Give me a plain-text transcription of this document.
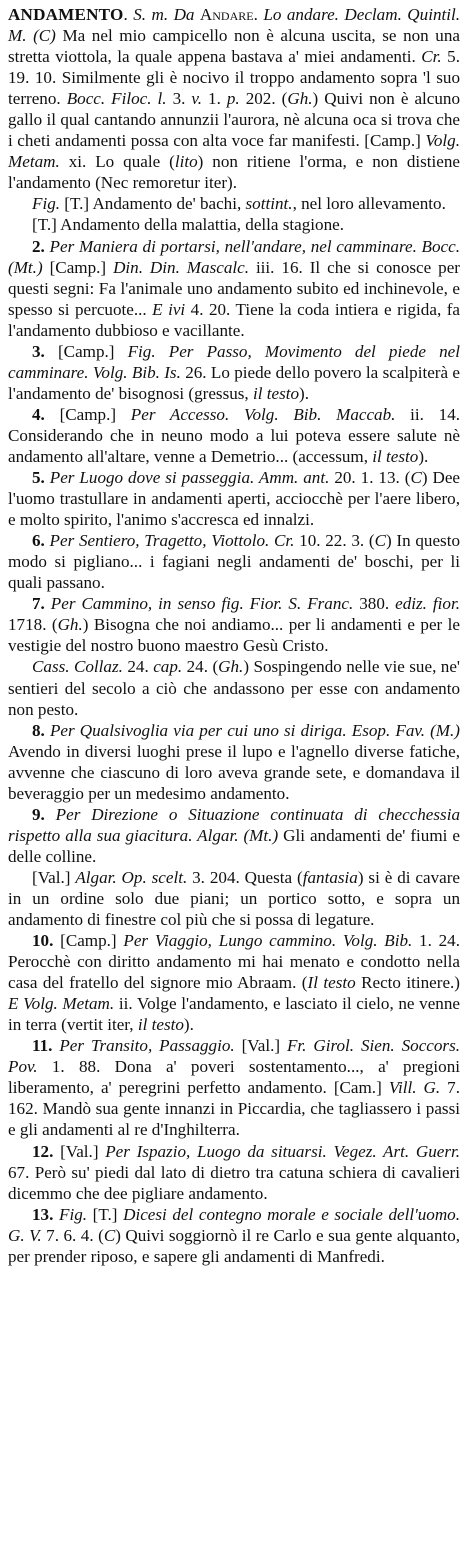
ANDAMENTO. S. m. Da Andare. Lo andare. Declam. Quintil. M. (C) Ma nel mio campicello non è alcuna uscita, se non una stretta viottola, la quale appena bastava a' miei andamenti. Cr. 5. 19. 10. Similmente gli è nocivo il troppo andamento sopra 'l suo terreno. Bocc. Filoc. l. 3. v. 1. p. 202. (Gh.) Quivi non è alcuno gallo il qual cantando annunzii l'aurora, nè alcuna oca si trova che i cheti andamenti possa con alta voce far manifesti. [Camp.] Volg. Metam. xi. Lo quale (lito) non ritiene l'orma, e non distiene l'andamento (Nec remoretur iter).

Fig. [T.] Andamento de' bachi, sottint., nel loro allevamento.

[T.] Andamento della malattia, della stagione.

2. Per Maniera di portarsi, nell'andare, nel camminare. Bocc. (Mt.) [Camp.] Din. Din. Mascalc. iii. 16. Il che si conosce per questi segni: Fa l'animale uno andamento subito ed inchinevole, e spesso si percuote... E ivi 4. 20. Tiene la coda intiera e rigida, fa l'andamento dubbioso e vacillante.

3. [Camp.] Fig. Per Passo, Movimento del piede nel camminare. Volg. Bib. Is. 26. Lo piede dello povero la scalpiterà e l'andamento de' bisognosi (gressus, il testo).

4. [Camp.] Per Accesso. Volg. Bib. Maccab. ii. 14. Considerando che in neuno modo a lui poteva essere salute nè andamento all'altare, venne a Demetrio... (accessum, il testo).

5. Per Luogo dove si passeggia. Amm. ant. 20. 1. 13. (C) Dee l'uomo trastullare in andamenti aperti, acciocchè per l'aere libero, e molto spirito, l'animo s'accresca ed innalzi.

6. Per Sentiero, Tragetto, Viottolo. Cr. 10. 22. 3. (C) In questo modo si pigliano... i fagiani negli andamenti de' boschi, per li quali passano.

7. Per Cammino, in senso fig. Fior. S. Franc. 380. ediz. fior. 1718. (Gh.) Bisogna che noi andiamo... per li andamenti e per le vestigie del nostro buono maestro Gesù Cristo.

Cass. Collaz. 24. cap. 24. (Gh.) Sospingendo nelle vie sue, ne' sentieri del secolo a ciò che andassono per esse con andamento non pesto.

8. Per Qualsivoglia via per cui uno si diriga. Esop. Fav. (M.) Avendo in diversi luoghi prese il lupo e l'agnello diverse fatiche, avvenne che ciascuno di loro aveva grande sete, e domandava il beveraggio per un medesimo andamento.

9. Per Direzione o Situazione continuata di checchessia rispetto alla sua giacitura. Algar. (Mt.) Gli andamenti de' fiumi e delle colline.

[Val.] Algar. Op. scelt. 3. 204. Questa (fantasia) si è di cavare in un ordine solo due piani; un portico sotto, e sopra un andamento di finestre col più che si possa di legature.

10. [Camp.] Per Viaggio, Lungo cammino. Volg. Bib. 1. 24. Perocchè con diritto andamento mi hai menato e condotto nella casa del fratello del signore mio Abraam. (Il testo Recto itinere.) E Volg. Metam. ii. Volge l'andamento, e lasciato il cielo, ne venne in terra (vertit iter, il testo).

11. Per Transito, Passaggio. [Val.] Fr. Girol. Sien. Soccors. Pov. 1. 88. Dona a' poveri sostentamento..., a' pregioni liberamento, a' peregrini perfetto andamento. [Cam.] Vill. G. 7. 162. Mandò sua gente innanzi in Piccardia, che tagliassero i passi e gli andamenti al re d'Inghilterra.

12. [Val.] Per Ispazio, Luogo da situarsi. Vegez. Art. Guerr. 67. Però su' piedi dal lato di dietro tra catuna schiera di cavalieri dicemmo che dee pigliare andamento.

13. Fig. [T.] Dicesi del contegno morale e sociale dell'uomo. G. V. 7. 6. 4. (C) Quivi soggiornò il re Carlo e sua gente alquanto, per prender riposo, e sapere gli andamenti di Manfredi.
